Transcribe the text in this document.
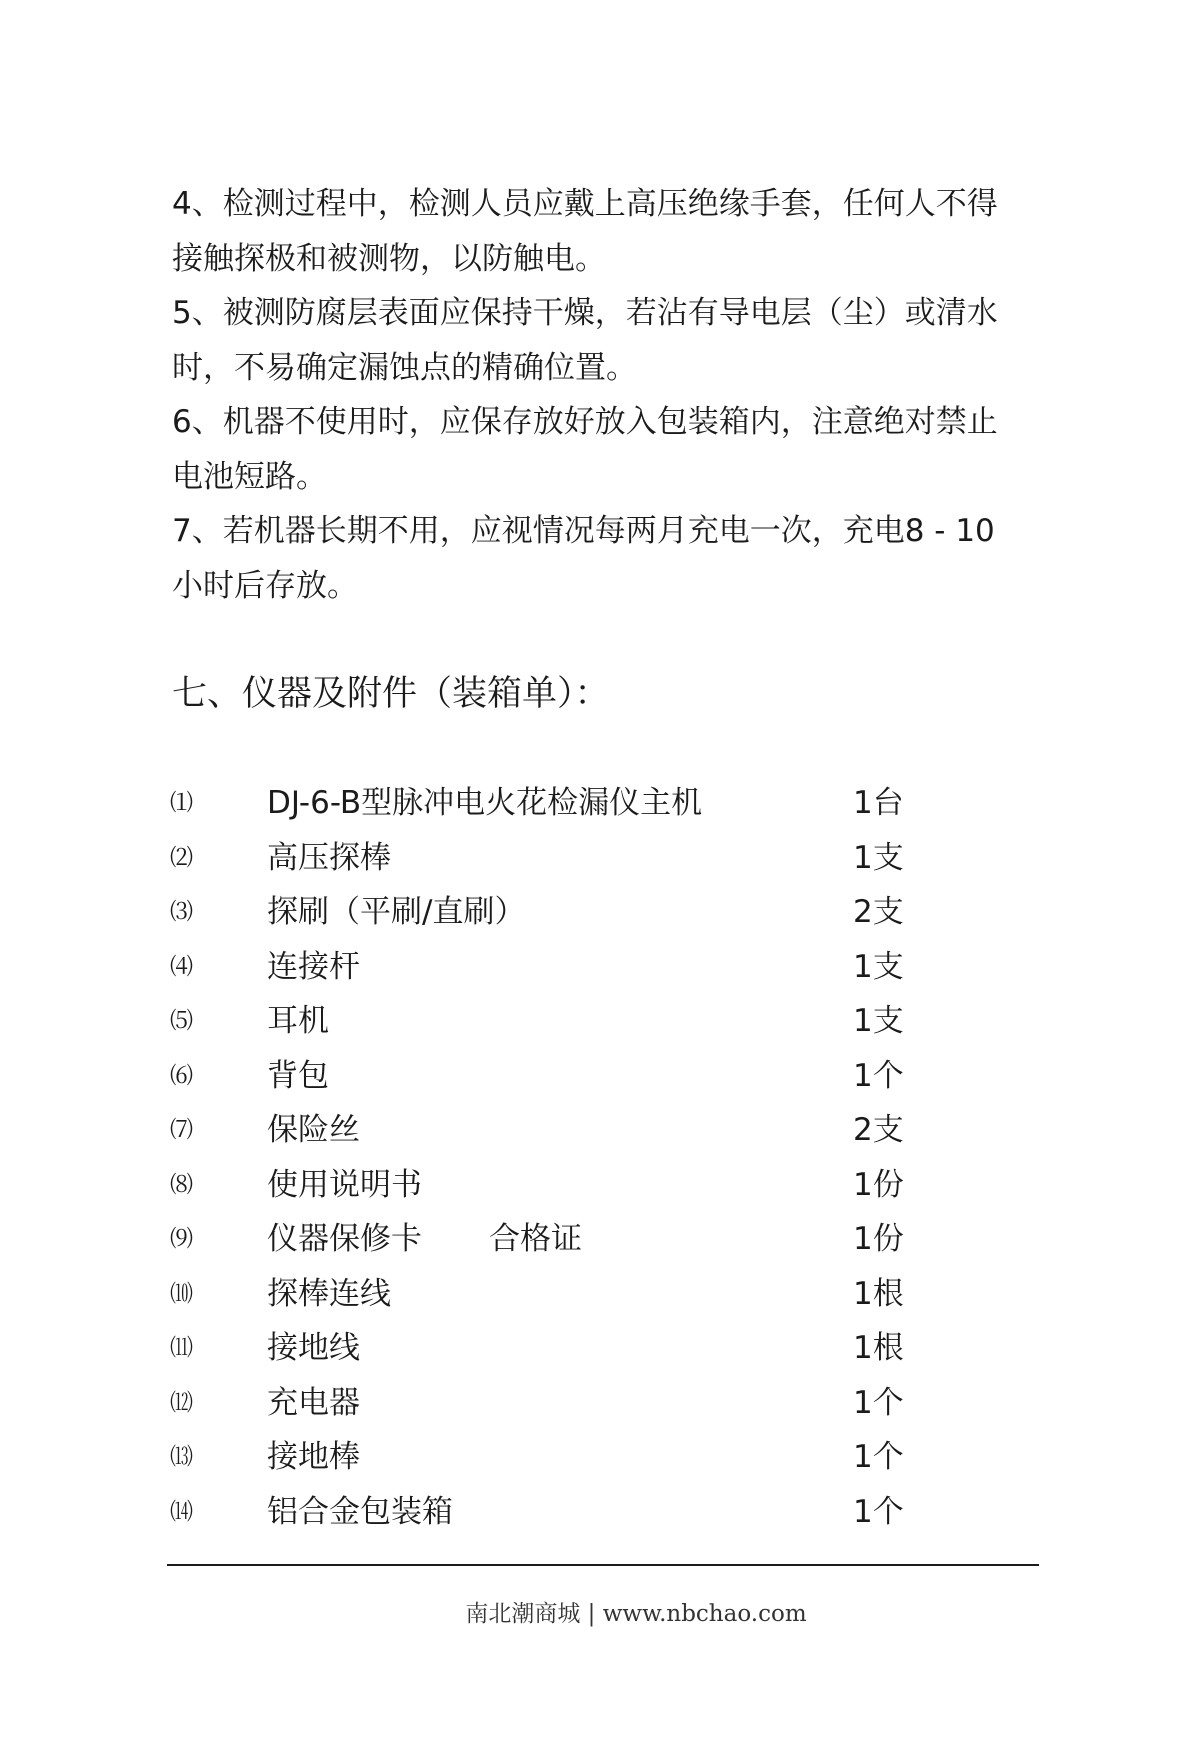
4、检测过程中，检测人员应戴上高压绝缘手套，任何人不得
接触探极和被测物，以防触电。
5、被测防腐层表面应保持干燥，若沾有导电层（尘）或清水
时，不易确定漏蚀点的精确位置。
6、机器不使用时，应保存放好放入包装箱内，注意绝对禁止
电池短路。
7、若机器长期不用，应视情况每两月充电一次，充电8 - 10
小时后存放。
七、仪器及附件（装箱单）：
⑴ DJ-6-B型脉冲电火花检漏仪主机	1台
⑵ 高压探棒	1支
⑶ 探刷（平刷/直刷）	2支
⑷ 连接杆	1支
⑸ 耳机	1支
⑹ 背包	1个
⑺ 保险丝	2支
⑻ 使用说明书	1份
⑼ 仪器保修卡 合格证	1份
⑽ 探棒连线	1根
⑾ 接地线	1根
⑿ 充电器	1个
⒀ 接地棒	1个
⒁ 铝合金包装箱	1个
南北潮商城 | www.nbchao.com
